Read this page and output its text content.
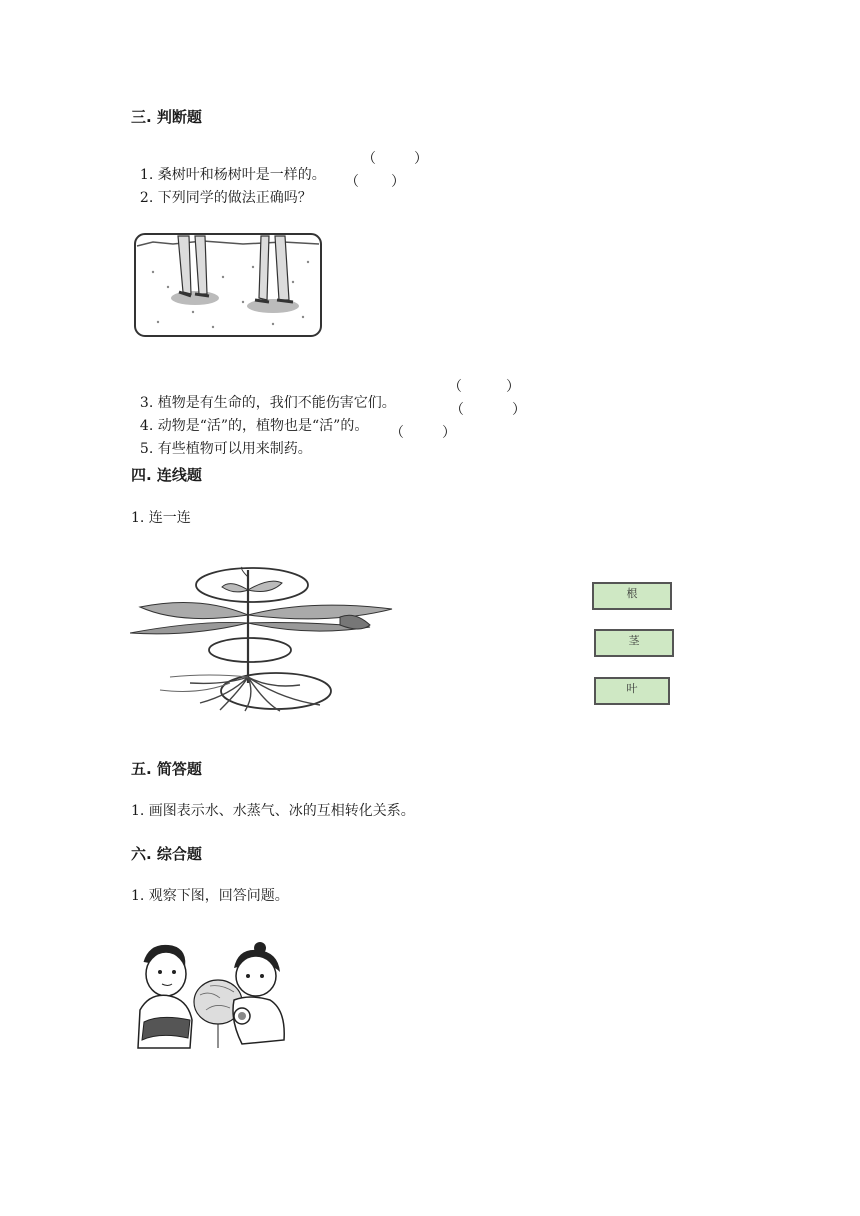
三. 判断题

1. 桑树叶和杨树叶是一样的。

（	）

2. 下列同学的做法正确吗？

（ ）

3. 植物是有生命的，我们不能伤害它们。

（	）

4. 动物是“活”的，植物也是“活”的。

（	）

5. 有些植物可以用来制药。

（	）
四. 连线题
1. 连一连
根
茎
叶
五. 简答题
1. 画图表示水、水蒸气、冰的互相转化关系。
六. 综合题
1. 观察下图，回答问题。
